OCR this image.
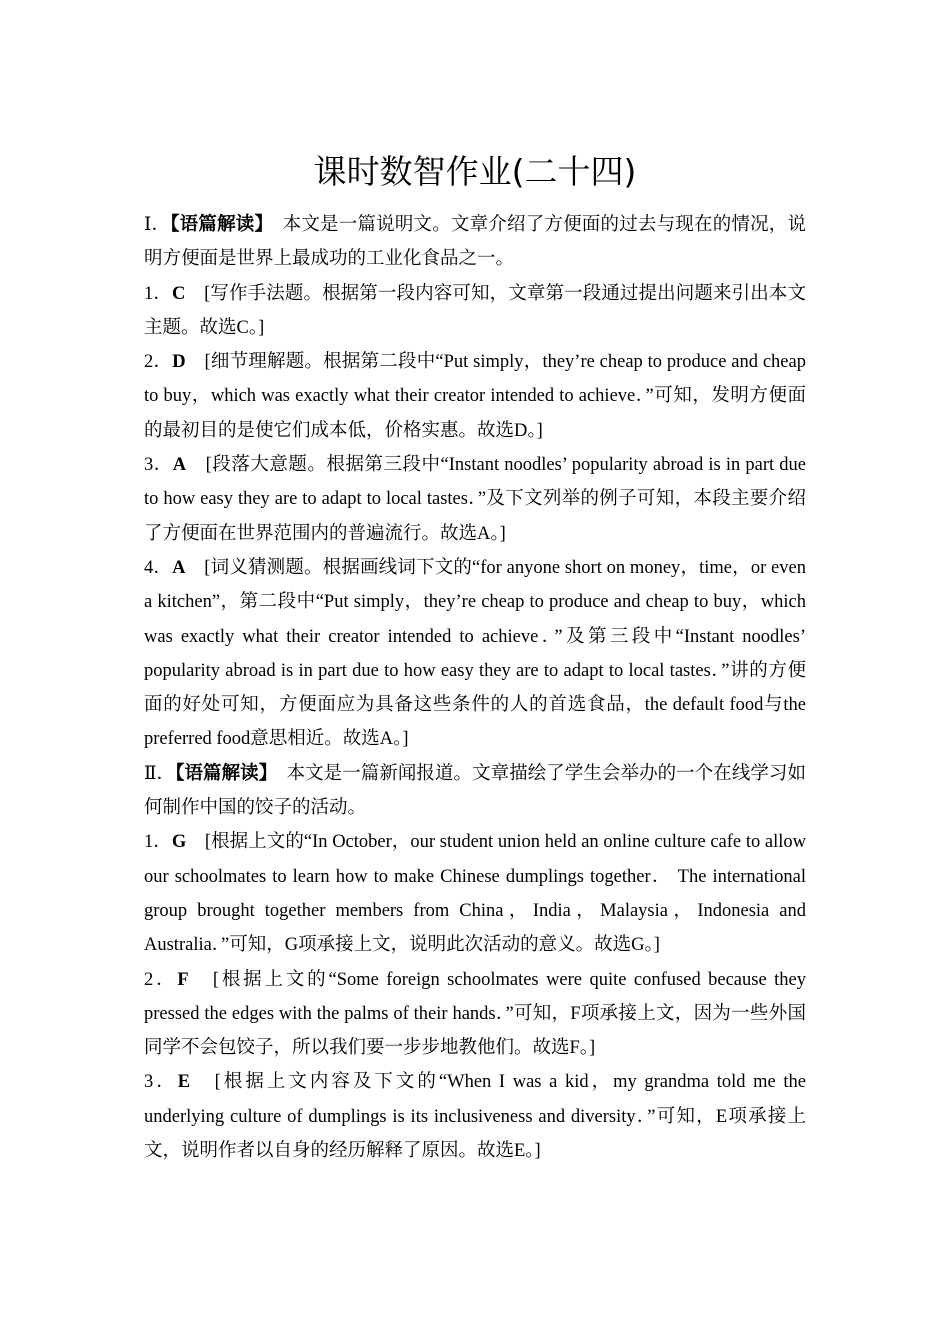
课时数智作业(二十四)

Ⅰ．【语篇解读】　本文是一篇说明文。文章介绍了方便面的过去与现在的情况，说明方便面是世界上最成功的工业化食品之一。

1．C　[写作手法题。根据第一段内容可知，文章第一段通过提出问题来引出本文主题。故选C。]

2．D　[细节理解题。根据第二段中“Put simply，they’re cheap to produce and cheap to buy，which was exactly what their creator intended to achieve．”可知，发明方便面的最初目的是使它们成本低，价格实惠。故选D。]

3．A　[段落大意题。根据第三段中“Instant noodles’ popularity abroad is in part due to how easy they are to adapt to local tastes．”及下文列举的例子可知，本段主要介绍了方便面在世界范围内的普遍流行。故选A。]

4．A　[词义猜测题。根据画线词下文的“for anyone short on money，time，or even a kitchen”，第二段中“Put simply，they’re cheap to produce and cheap to buy，which was exactly what their creator intended to achieve．”及第三段中“Instant noodles’ popularity abroad is in part due to how easy they are to adapt to local tastes．”讲的方便面的好处可知，方便面应为具备这些条件的人的首选食品，the default food与the preferred food意思相近。故选A。]

Ⅱ．【语篇解读】　本文是一篇新闻报道。文章描绘了学生会举办的一个在线学习如何制作中国的饺子的活动。

1．G　[根据上文的“In October，our student union held an online culture cafe to allow our schoolmates to learn how to make Chinese dumplings together． The international group brought together members from China，India，Malaysia，Indonesia and Australia．”可知，G项承接上文，说明此次活动的意义。故选G。]

2．F　[根据上文的“Some foreign schoolmates were quite confused because they pressed the edges with the palms of their hands．”可知，F项承接上文，因为一些外国同学不会包饺子，所以我们要一步步地教他们。故选F。]

3．E　[根据上文内容及下文的“When I was a kid，my grandma told me the underlying culture of dumplings is its inclusiveness and diversity．”可知，E项承接上文，说明作者以自身的经历解释了原因。故选E。]
